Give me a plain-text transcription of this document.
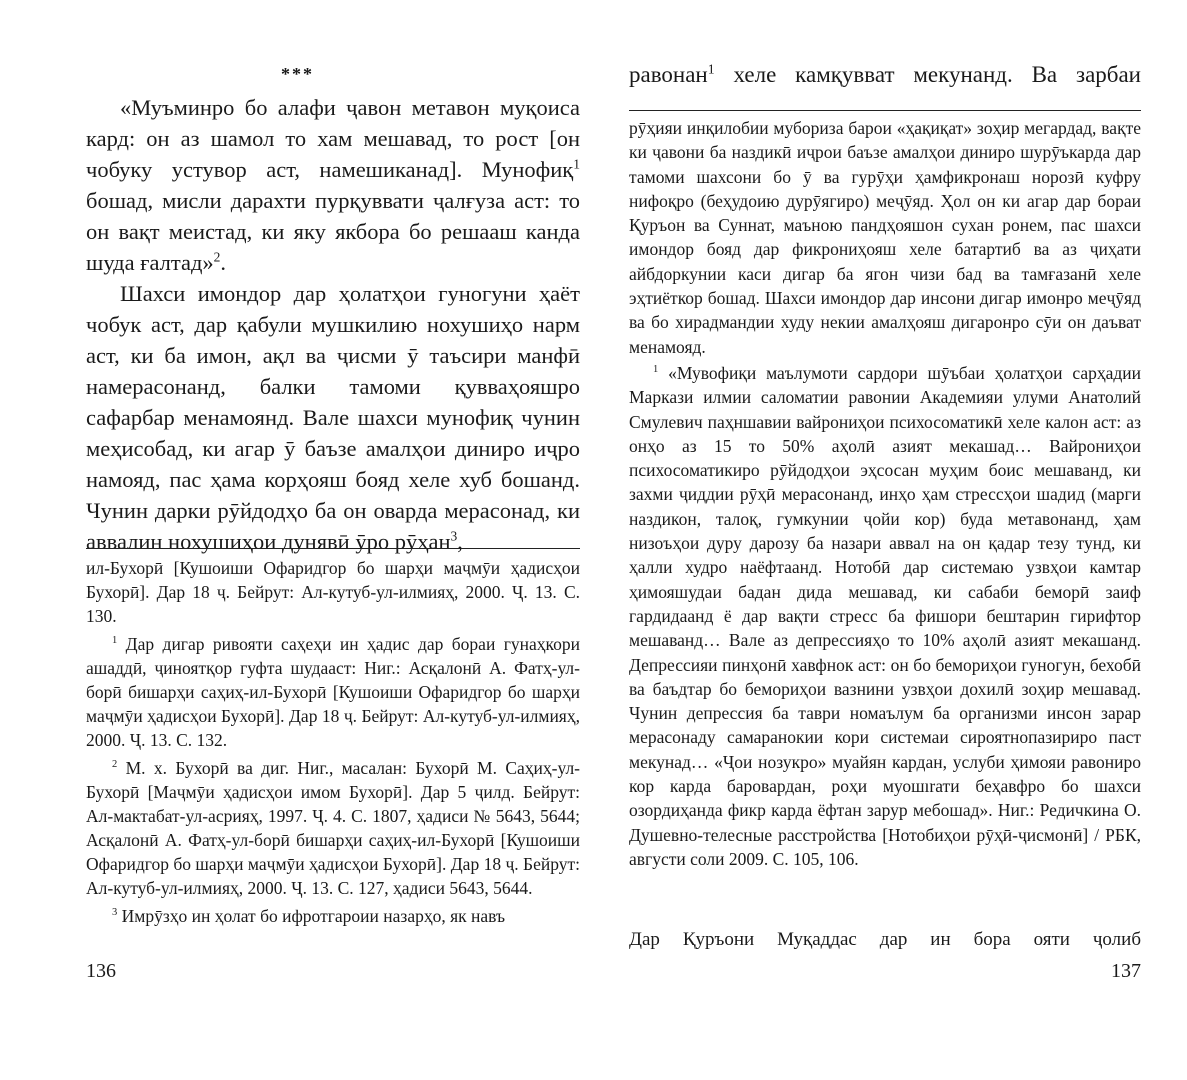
***

«Муъминро бо алафи ҷавон метавон муқоиса кард: он аз шамол то хам мешавад, то рост [он чобуку устувор аст, намешиканад]. Мунофиқ$^1$ бошад, мисли дарахти пурқуввати ҷалғуза аст: то он вақт меистад, ки яку якбора бо решааш канда шуда ғалтад»$^2$.

Шахси имондор дар ҳолатҳои гуногуни ҳаёт чобук аст, дар қабули мушкилию нохушиҳо нарм аст, ки ба имон, ақл ва ҷисми ӯ таъсири манфӣ намерасонанд, балки тамоми қувваҳояшро сафарбар менамоянд. Вале шахси мунофиқ чунин меҳисобад, ки агар ӯ баъзе амалҳои диниро иҷро намояд, пас ҳама корҳояш бояд хеле хуб бошанд. Чунин дарки рӯйдодҳо ба он оварда мерасонад, ки аввалин нохушиҳои дунявӣ ӯро рӯҳан$^3$,

ил-Бухорӣ [Кушоиши Офаридгор бо шарҳи маҷмӯи ҳадисҳои Бухорӣ]. Дар 18 ҷ. Бейрут: Ал-кутуб-ул-илмияҳ, 2000. Ҷ. 13. С. 130.

$^1$ Дар дигар ривояти саҳеҳи ин ҳадис дар бораи гунаҳкори ашаддӣ, ҷиноятқор гуфта шудааст: Ниг.: Асқалонӣ А. Фатҳ-ул-борӣ бишарҳи саҳиҳ-ил-Бухорӣ [Кушоиши Офаридгор бо шарҳи маҷмӯи ҳадисҳои Бухорӣ]. Дар 18 ҷ. Бейрут: Ал-кутуб-ул-илмияҳ, 2000. Ҷ. 13. С. 132.

$^2$ М. х. Бухорӣ ва диг. Ниг., масалан: Бухорӣ М. Саҳиҳ-ул-Бухорӣ [Маҷмӯи ҳадисҳои имом Бухорӣ]. Дар 5 ҷилд. Бейрут: Ал-мактабат-ул-асрияҳ, 1997. Ҷ. 4. С. 1807, ҳадиси № 5643, 5644; Асқалонӣ А. Фатҳ-ул-борӣ бишарҳи саҳиҳ-ил-Бухорӣ [Кушоиши Офаридгор бо шарҳи маҷмӯи ҳадисҳои Бухорӣ]. Дар 18 ҷ. Бейрут: Ал-кутуб-ул-илмияҳ, 2000. Ҷ. 13. С. 127, ҳадиси 5643, 5644.

$^3$ Имрӯзҳо ин ҳолат бо ифротгароии назарҳо, як навъ

136
равонан$^1$ хеле камқувват мекунанд. Ва зарбаи

рӯҳияи инқилобии мубориза барои «ҳақиқат» зоҳир мегардад, вақте ки ҷавони ба наздикӣ иҷрои баъзе амалҳои диниро шурӯъкарда дар тамоми шахсони бо ӯ ва гурӯҳи ҳамфикронаш норозӣ куфру нифоқро (беҳудоию дурӯягиро) меҷӯяд. Ҳол он ки агар дар бораи Қуръон ва Суннат, маъною пандҳояшон сухан ронем, пас шахси имондор бояд дар фикрониҳояш хеле батартиб ва аз ҷиҳати айбдоркунии каси дигар ба ягон чизи бад ва тамғазанӣ хеле эҳтиёткор бошад. Шахси имондор дар инсони дигар имонро меҷӯяд ва бо хирадмандии худу некии амалҳояш дигаронро сӯи он даъват менамояд.

$^1$ «Мувофиқи маълумоти сардори шӯъбаи ҳолатҳои сарҳадии Маркази илмии саломатии равонии Академияи улуми Анатолий Смулевич паҳншавии вайрониҳои психосоматикӣ хеле калон аст: аз онҳо аз 15 то 50% аҳолӣ азият мекашад… Вайрониҳои психосоматикиро рӯйдодҳои эҳсосан муҳим боис мешаванд, ки захми ҷиддии рӯҳӣ мерасонанд, инҳо ҳам стрессҳои шадид (марги наздикон, талоқ, гумкунии ҷойи кор) буда метавонанд, ҳам низоъҳои дуру дарозу ба назари аввал на он қадар тезу тунд, ки ҳалли худро наёфтаанд. Нотобӣ дар системаю узвҳои камтар ҳимояшудаи бадан дида мешавад, ки сабаби беморӣ заиф гардидаанд ё дар вақти стресс ба фишори бештарин гирифтор мешаванд… Вале аз депрессияҳо то 10% аҳолӣ азият мекашанд. Депрессияи пинҳонӣ хавфнок аст: он бо бемориҳои гуногун, бехобӣ ва баъдтар бо бемориҳои вазнини узвҳои дохилӣ зоҳир мешавад. Чунин депрессия ба таври номаълум ба организми инсон зарар мерасонаду самаранокии кори системаи сироятнопазириро паст мекунад… «Ҷои нозукро» муайян кардан, услуби ҳимояи равониро кор карда баровардан, роҳи муошırати беҳавфро бо шахси озордиҳанда фикр карда ёфтан зарур мебошад». Ниг.: Редичкина О. Душевно-телесные расстройства [Нотобиҳои рӯҳӣ-ҷисмонӣ] / РБК, августи соли 2009. С. 105, 106.

Дар Қуръони Муқаддас дар ин бора ояти ҷолиб
137
